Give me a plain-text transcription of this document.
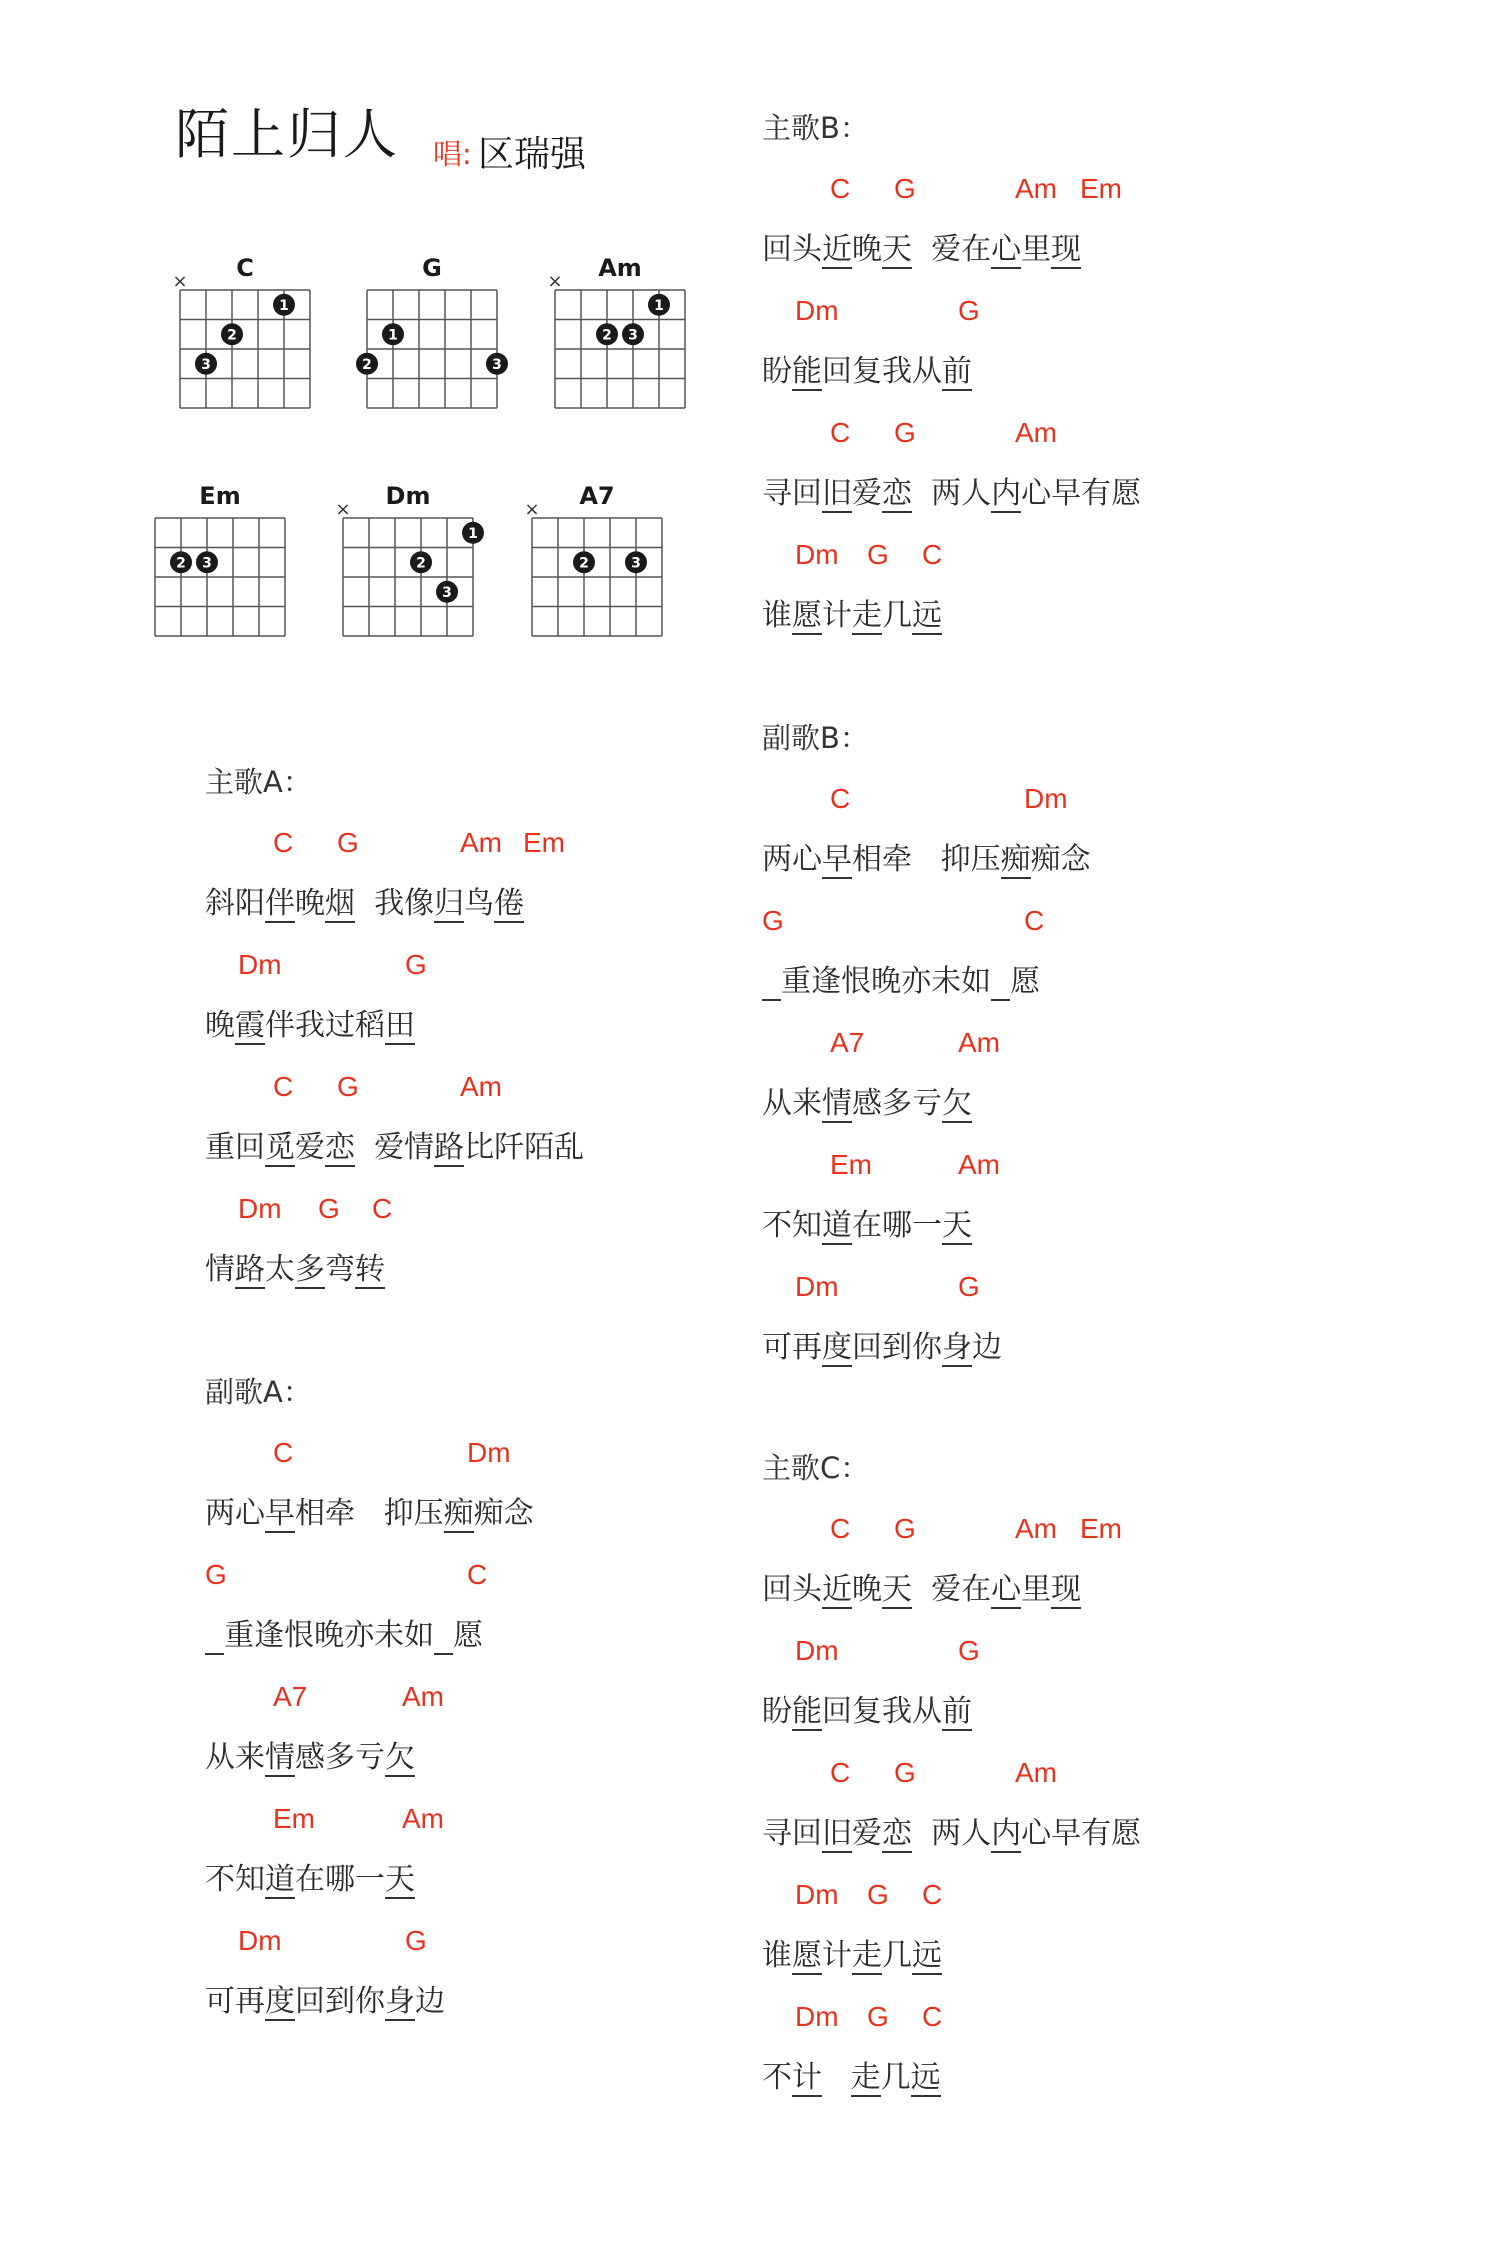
陌上归人 唱: 区瑞强
C
×
1
2
3
G
1
2	3
Am
×
1
2 3
Em
2 3
Dm
×
1
2
3
A7
×
2	3
主歌A：
C G	Am Em
斜阳伴晚烟  我像归鸟倦
Dm	G
晚霞伴我过稻田
C G	Am
重回觅爱恋  爱情路比阡陌乱
Dm G C
情路太多弯转
副歌A：
C	Dm
两心早相牵   抑压痴痴念
G	C
重逢恨晚亦未如 愿
A7	Am
从来情感多亏欠
Em	Am
不知道在哪一天
Dm	G
可再度回到你身边
主歌B：
C G	Am Em
回头近晚天  爱在心里现
Dm	G
盼能回复我从前
C G	Am
寻回旧爱恋  两人内心早有愿
Dm G C
谁愿计走几远
副歌B：
C	Dm
两心早相牵   抑压痴痴念
G	C
重逢恨晚亦未如 愿
A7	Am
从来情感多亏欠
Em	Am
不知道在哪一天
Dm	G
可再度回到你身边
主歌C：
C G	Am Em
回头近晚天  爱在心里现
Dm	G
盼能回复我从前
C G	Am
寻回旧爱恋  两人内心早有愿
Dm G C
谁愿计走几远
Dm G C
不计 走几远
